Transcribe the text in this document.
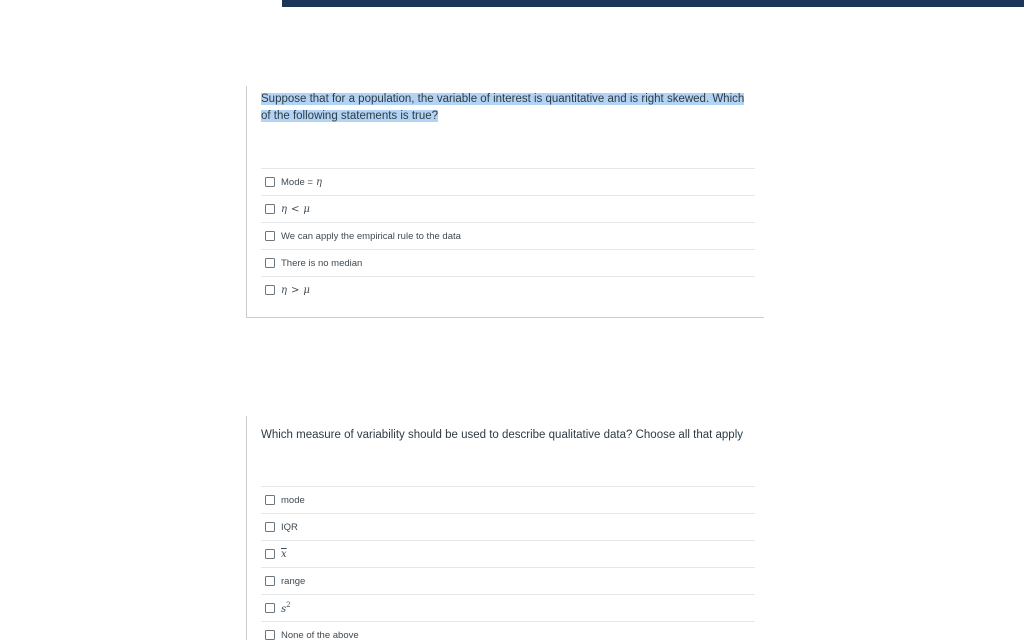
Suppose that for a population, the variable of interest is quantitative and is right skewed. Which of the following statements is true?
Mode = η
η < μ
We can apply the empirical rule to the data
There is no median
η > μ
Which measure of variability should be used to describe qualitative data? Choose all that apply
mode
IQR
$\overline{x}$
range
$s^2$
None of the above
